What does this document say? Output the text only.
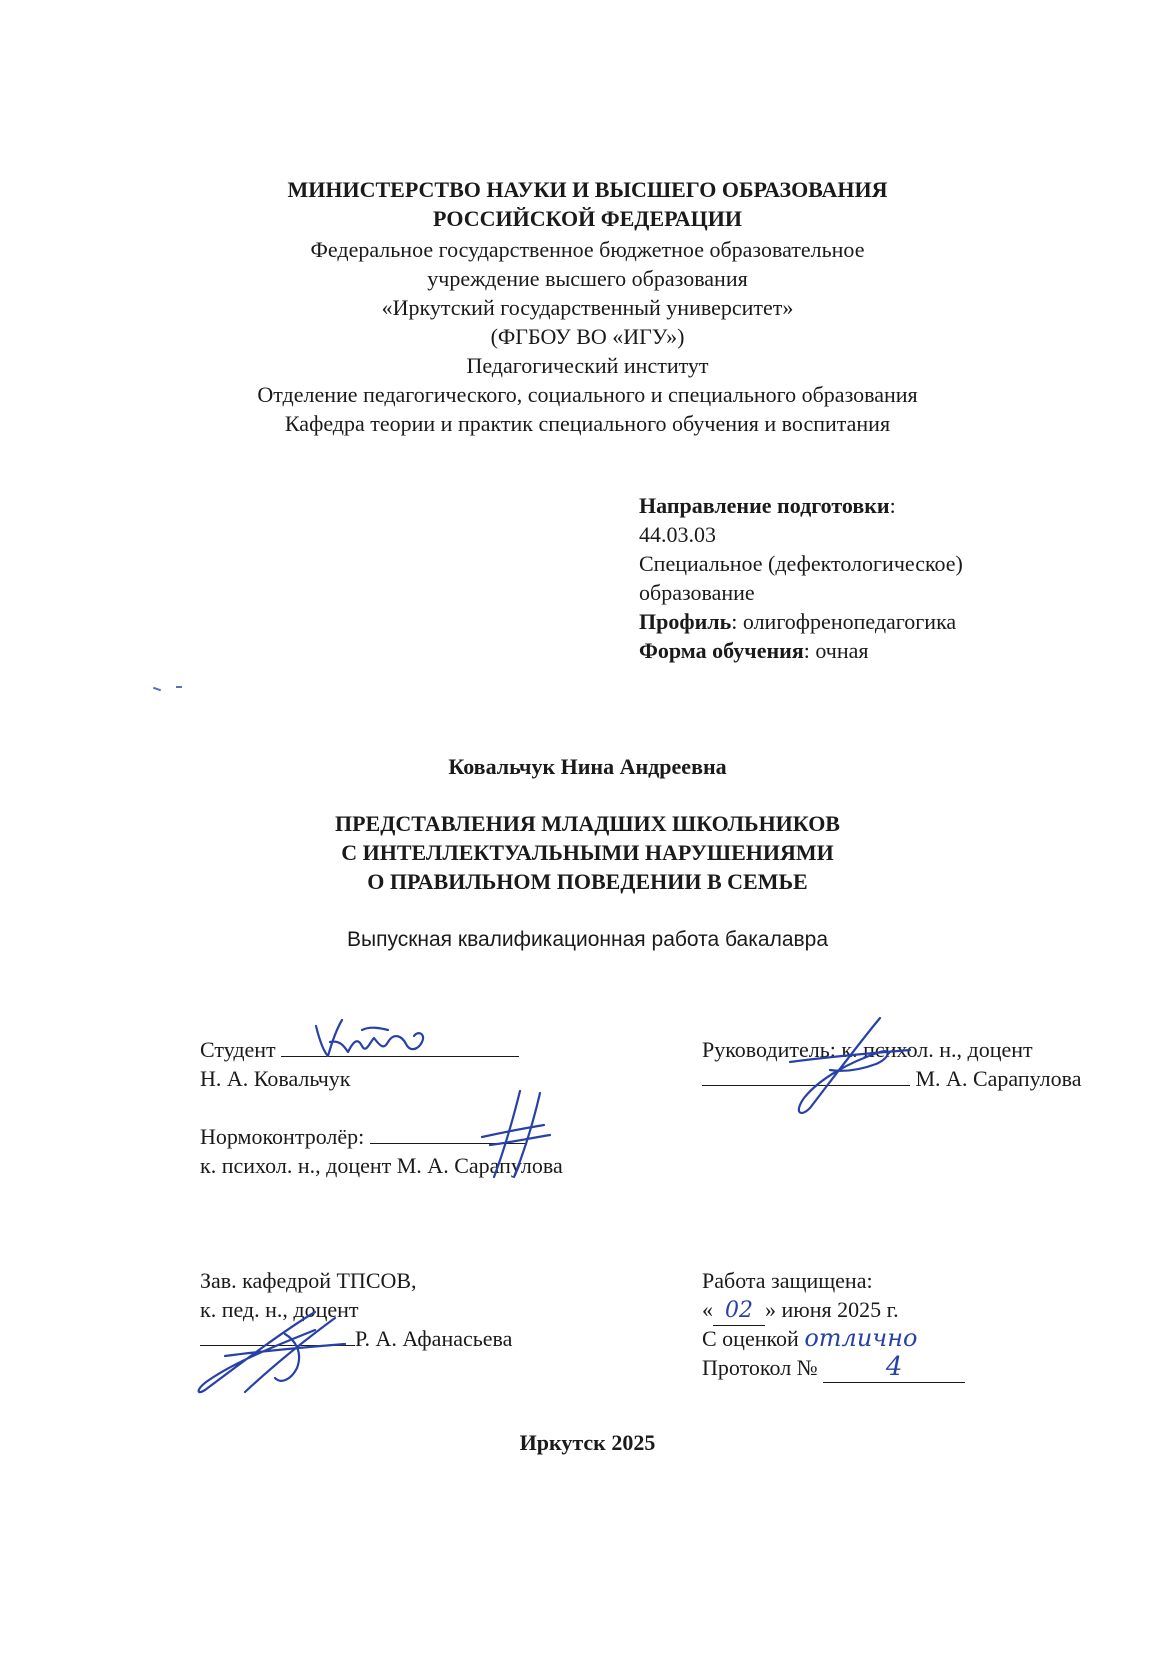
МИНИСТЕРСТВО НАУКИ И ВЫСШЕГО ОБРАЗОВАНИЯ
РОССИЙСКОЙ ФЕДЕРАЦИИ
Федеральное государственное бюджетное образовательное
учреждение высшего образования
«Иркутский государственный университет»
(ФГБОУ ВО «ИГУ»)
Педагогический институт
Отделение педагогического, социального и специального образования
Кафедра теории и практик специального обучения и воспитания
Направление подготовки:
44.03.03
Специальное (дефектологическое)
образование
Профиль: олигофренопедагогика
Форма обучения: очная
Ковальчук Нина Андреевна
ПРЕДСТАВЛЕНИЯ МЛАДШИХ ШКОЛЬНИКОВ
С ИНТЕЛЛЕКТУАЛЬНЫМИ НАРУШЕНИЯМИ
О ПРАВИЛЬНОМ ПОВЕДЕНИИ В СЕМЬЕ
Выпускная квалификационная работа бакалавра
Студент
Н. А. Ковальчук
Руководитель: к. психол. н., доцент
М. А. Сарапулова
Нормоконтролёр:
к. психол. н., доцент М. А. Сарапулова
Зав. кафедрой ТПСОВ,
к. пед. н., доцент
Р. А. Афанасьева
Работа защищена:
« 02 » июня 2025 г.
С оценкой отлично
Протокол №	4
Иркутск 2025
